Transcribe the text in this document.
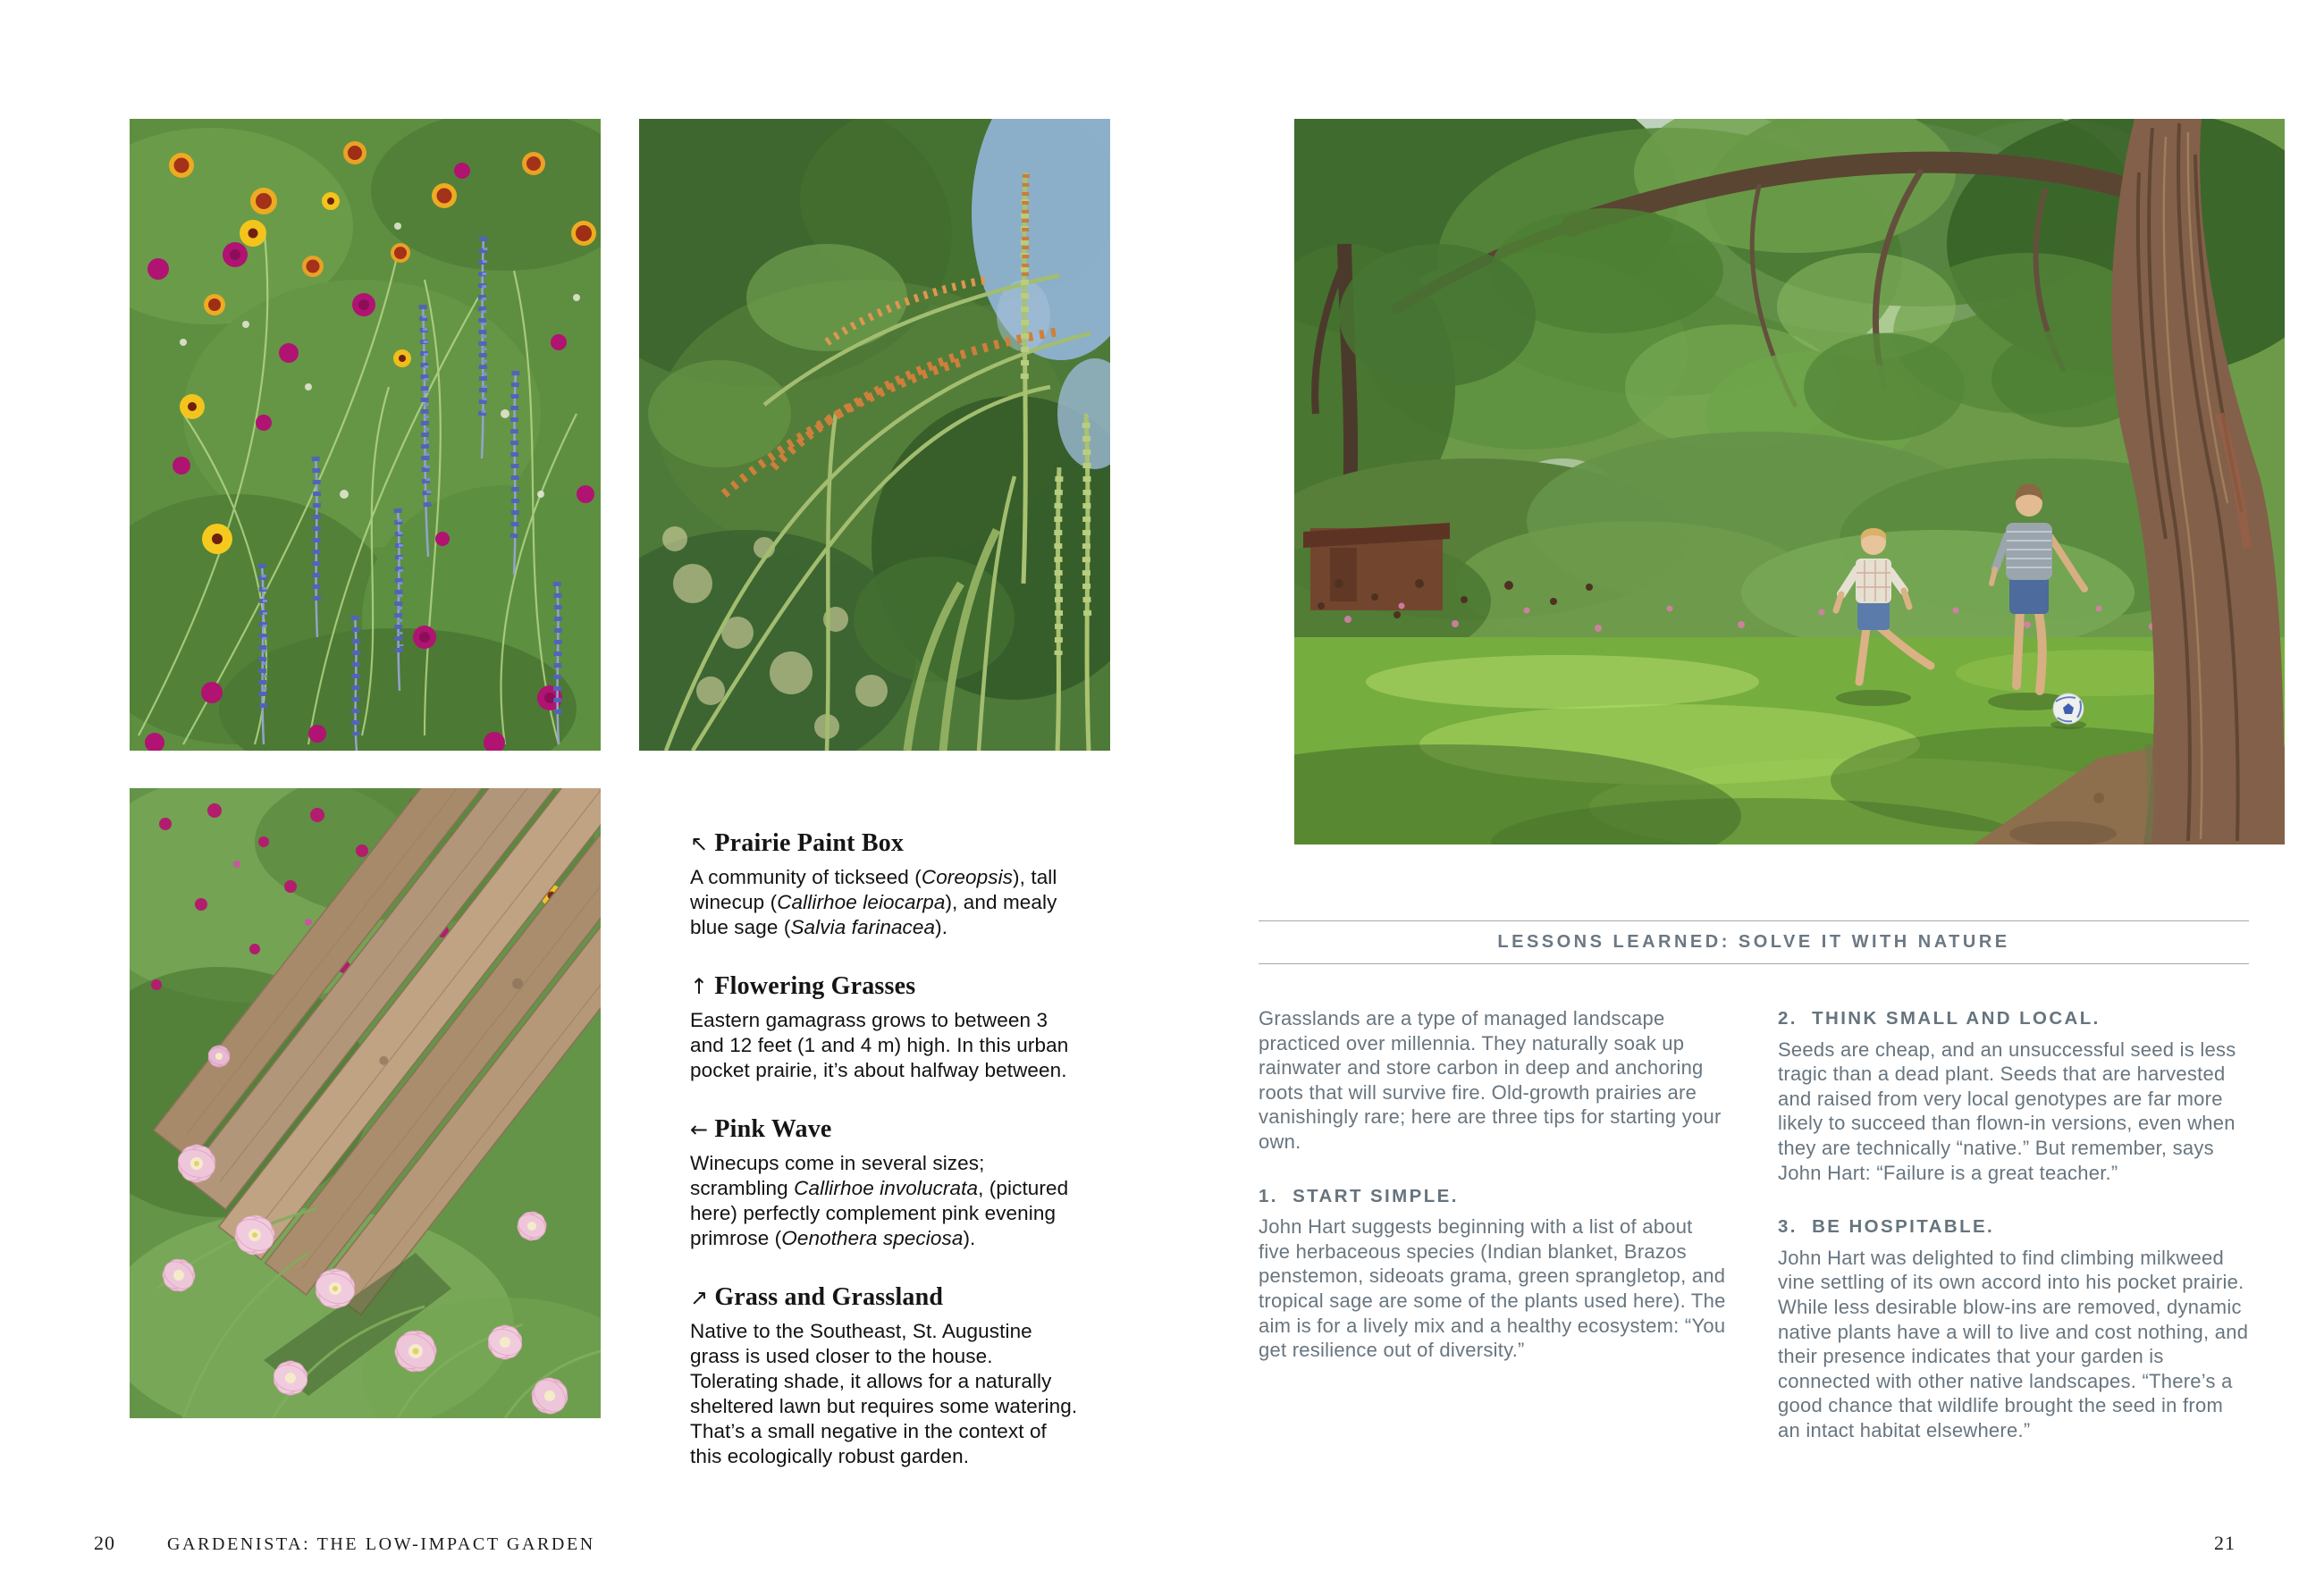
↖ Prairie Paint Box

A community of tickseed (Coreopsis), tall winecup (Callirhoe leiocarpa), and mealy blue sage (Salvia farinacea).

↑ Flowering Grasses

Eastern gamagrass grows to between 3 and 12 feet (1 and 4 m) high. In this urban pocket prairie, it’s about halfway between.

← Pink Wave

Winecups come in several sizes; scrambling Callirhoe involucrata, (pictured here) perfectly complement pink evening primrose (Oenothera speciosa).

↗ Grass and Grassland

Native to the Southeast, St. Augustine grass is used closer to the house. Tolerating shade, it allows for a naturally sheltered lawn but requires some watering. That’s a small negative in the context of this ecologically robust garden.

20	GARDENISTA: THE LOW-IMPACT GARDEN
LESSONS LEARNED: SOLVE IT WITH NATURE

Grasslands are a type of managed landscape practiced over millennia. They naturally soak up rainwater and store carbon in deep and anchoring roots that will survive fire. Old-growth prairies are vanishingly rare; here are three tips for starting your own.

1.  START SIMPLE.

John Hart suggests beginning with a list of about five herbaceous species (Indian blanket, Brazos penstemon, sideoats grama, green sprangletop, and tropical sage are some of the plants used here). The aim is for a lively mix and a healthy ecosystem: “You get resilience out of diversity.”

2.  THINK SMALL AND LOCAL.

Seeds are cheap, and an unsuccessful seed is less tragic than a dead plant. Seeds that are harvested and raised from very local genotypes are far more likely to succeed than flown-in versions, even when they are technically “native.” But remember, says John Hart: “Failure is a great teacher.”

3.  BE HOSPITABLE.

John Hart was delighted to find climbing milkweed vine settling of its own accord into his pocket prairie. While less desirable blow-ins are removed, dynamic native plants have a will to live and cost nothing, and their presence indicates that your garden is connected with other native landscapes. “There’s a good chance that wildlife brought the seed in from an intact habitat elsewhere.”

21
